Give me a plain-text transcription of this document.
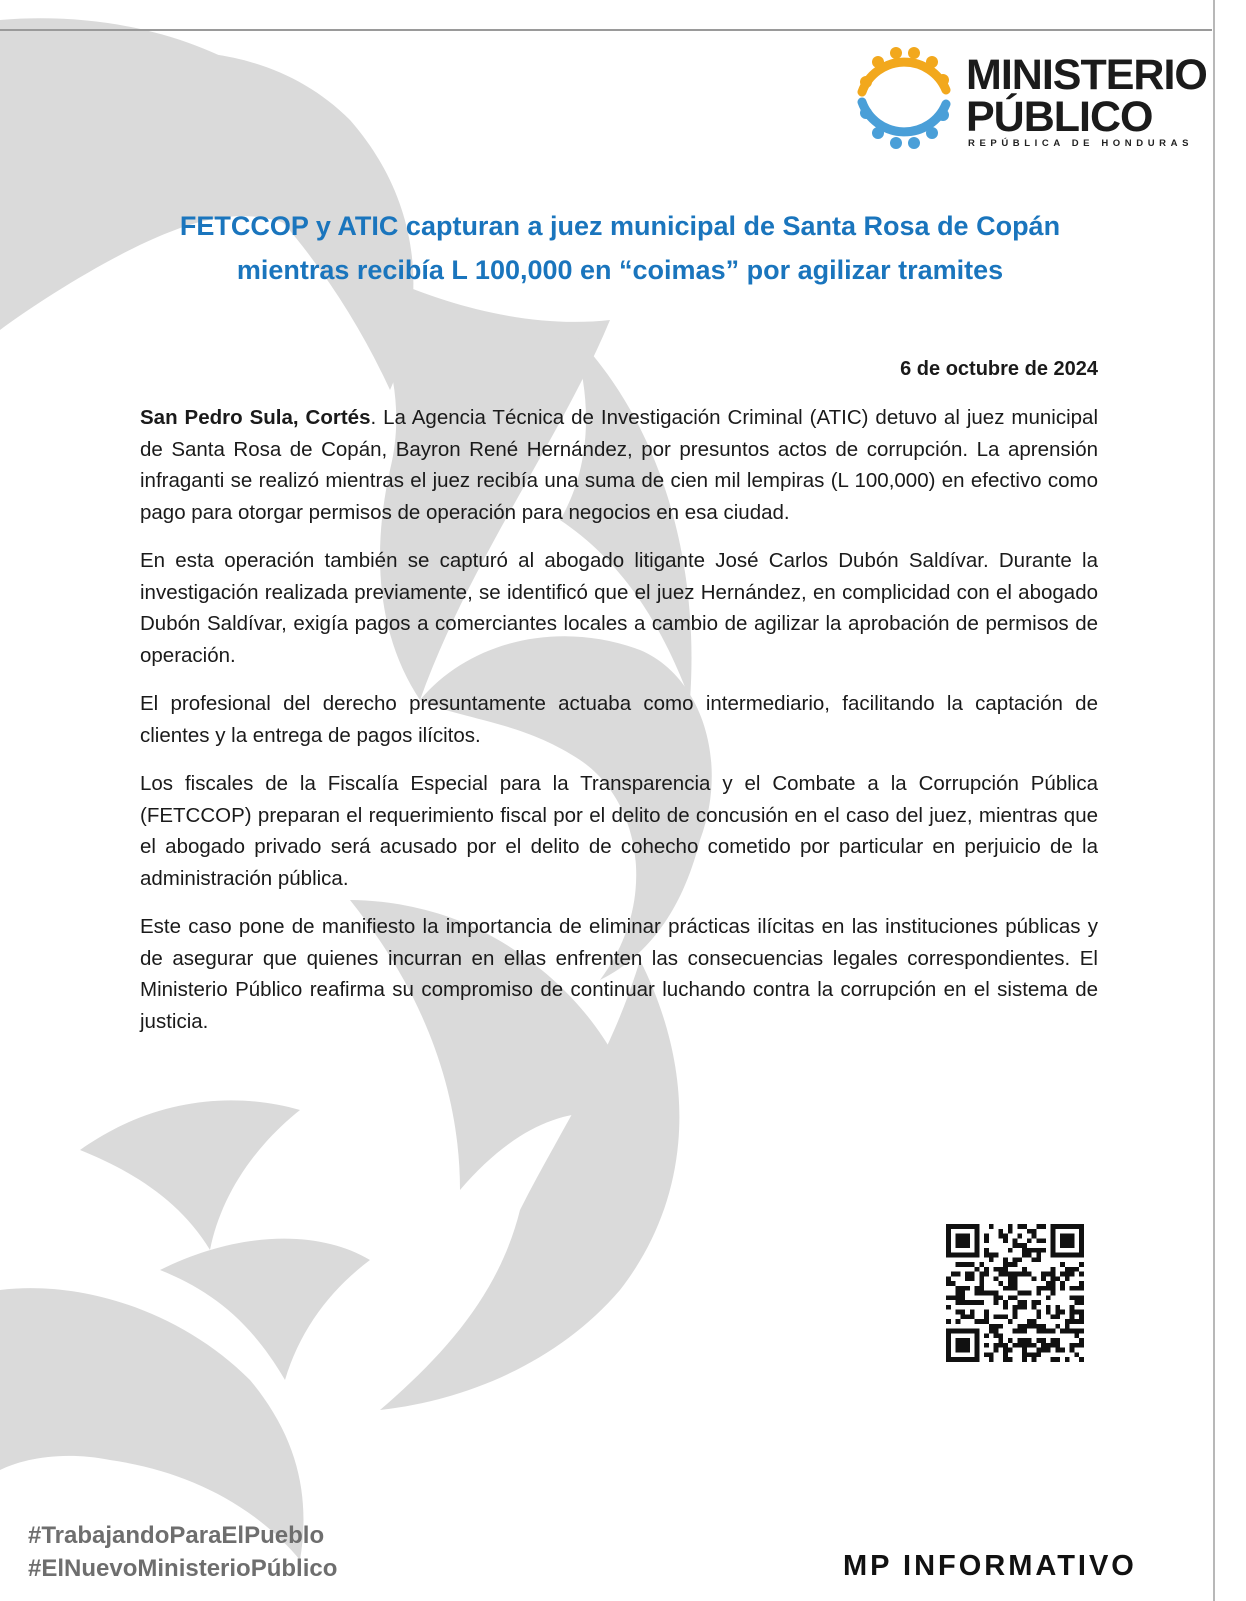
MINISTERIO
PÚBLICO
REPÚBLICA DE HONDURAS
FETCCOP y ATIC capturan a juez municipal de Santa Rosa de Copán
mientras recibía L 100,000 en “coimas” por agilizar tramites
6 de octubre de 2024

San Pedro Sula, Cortés. La Agencia Técnica de Investigación Criminal (ATIC) detuvo al juez municipal de Santa Rosa de Copán, Bayron René Hernández, por presuntos actos de corrupción. La aprensión infraganti se realizó mientras el juez recibía una suma de cien mil lempiras (L 100,000) en efectivo como pago para otorgar permisos de operación para negocios en esa ciudad.

En esta operación también se capturó al abogado litigante José Carlos Dubón Saldívar. Durante la investigación realizada previamente, se identificó que el juez Hernández, en complicidad con el abogado Dubón Saldívar, exigía pagos a comerciantes locales a cambio de agilizar la aprobación de permisos de operación.

El profesional del derecho presuntamente actuaba como intermediario, facilitando la captación de clientes y la entrega de pagos ilícitos.

Los fiscales de la Fiscalía Especial para la Transparencia y el Combate a la Corrupción Pública (FETCCOP) preparan el requerimiento fiscal por el delito de concusión en el caso del juez, mientras que el abogado privado será acusado por el delito de cohecho cometido por particular en perjuicio de la administración pública.

Este caso pone de manifiesto la importancia de eliminar prácticas ilícitas en las instituciones públicas y de asegurar que quienes incurran en ellas enfrenten las consecuencias legales correspondientes. El Ministerio Público reafirma su compromiso de continuar luchando contra la corrupción en el sistema de justicia.

#TrabajandoParaElPueblo
#ElNuevoMinisterioPúblico	MP INFORMATIVO
